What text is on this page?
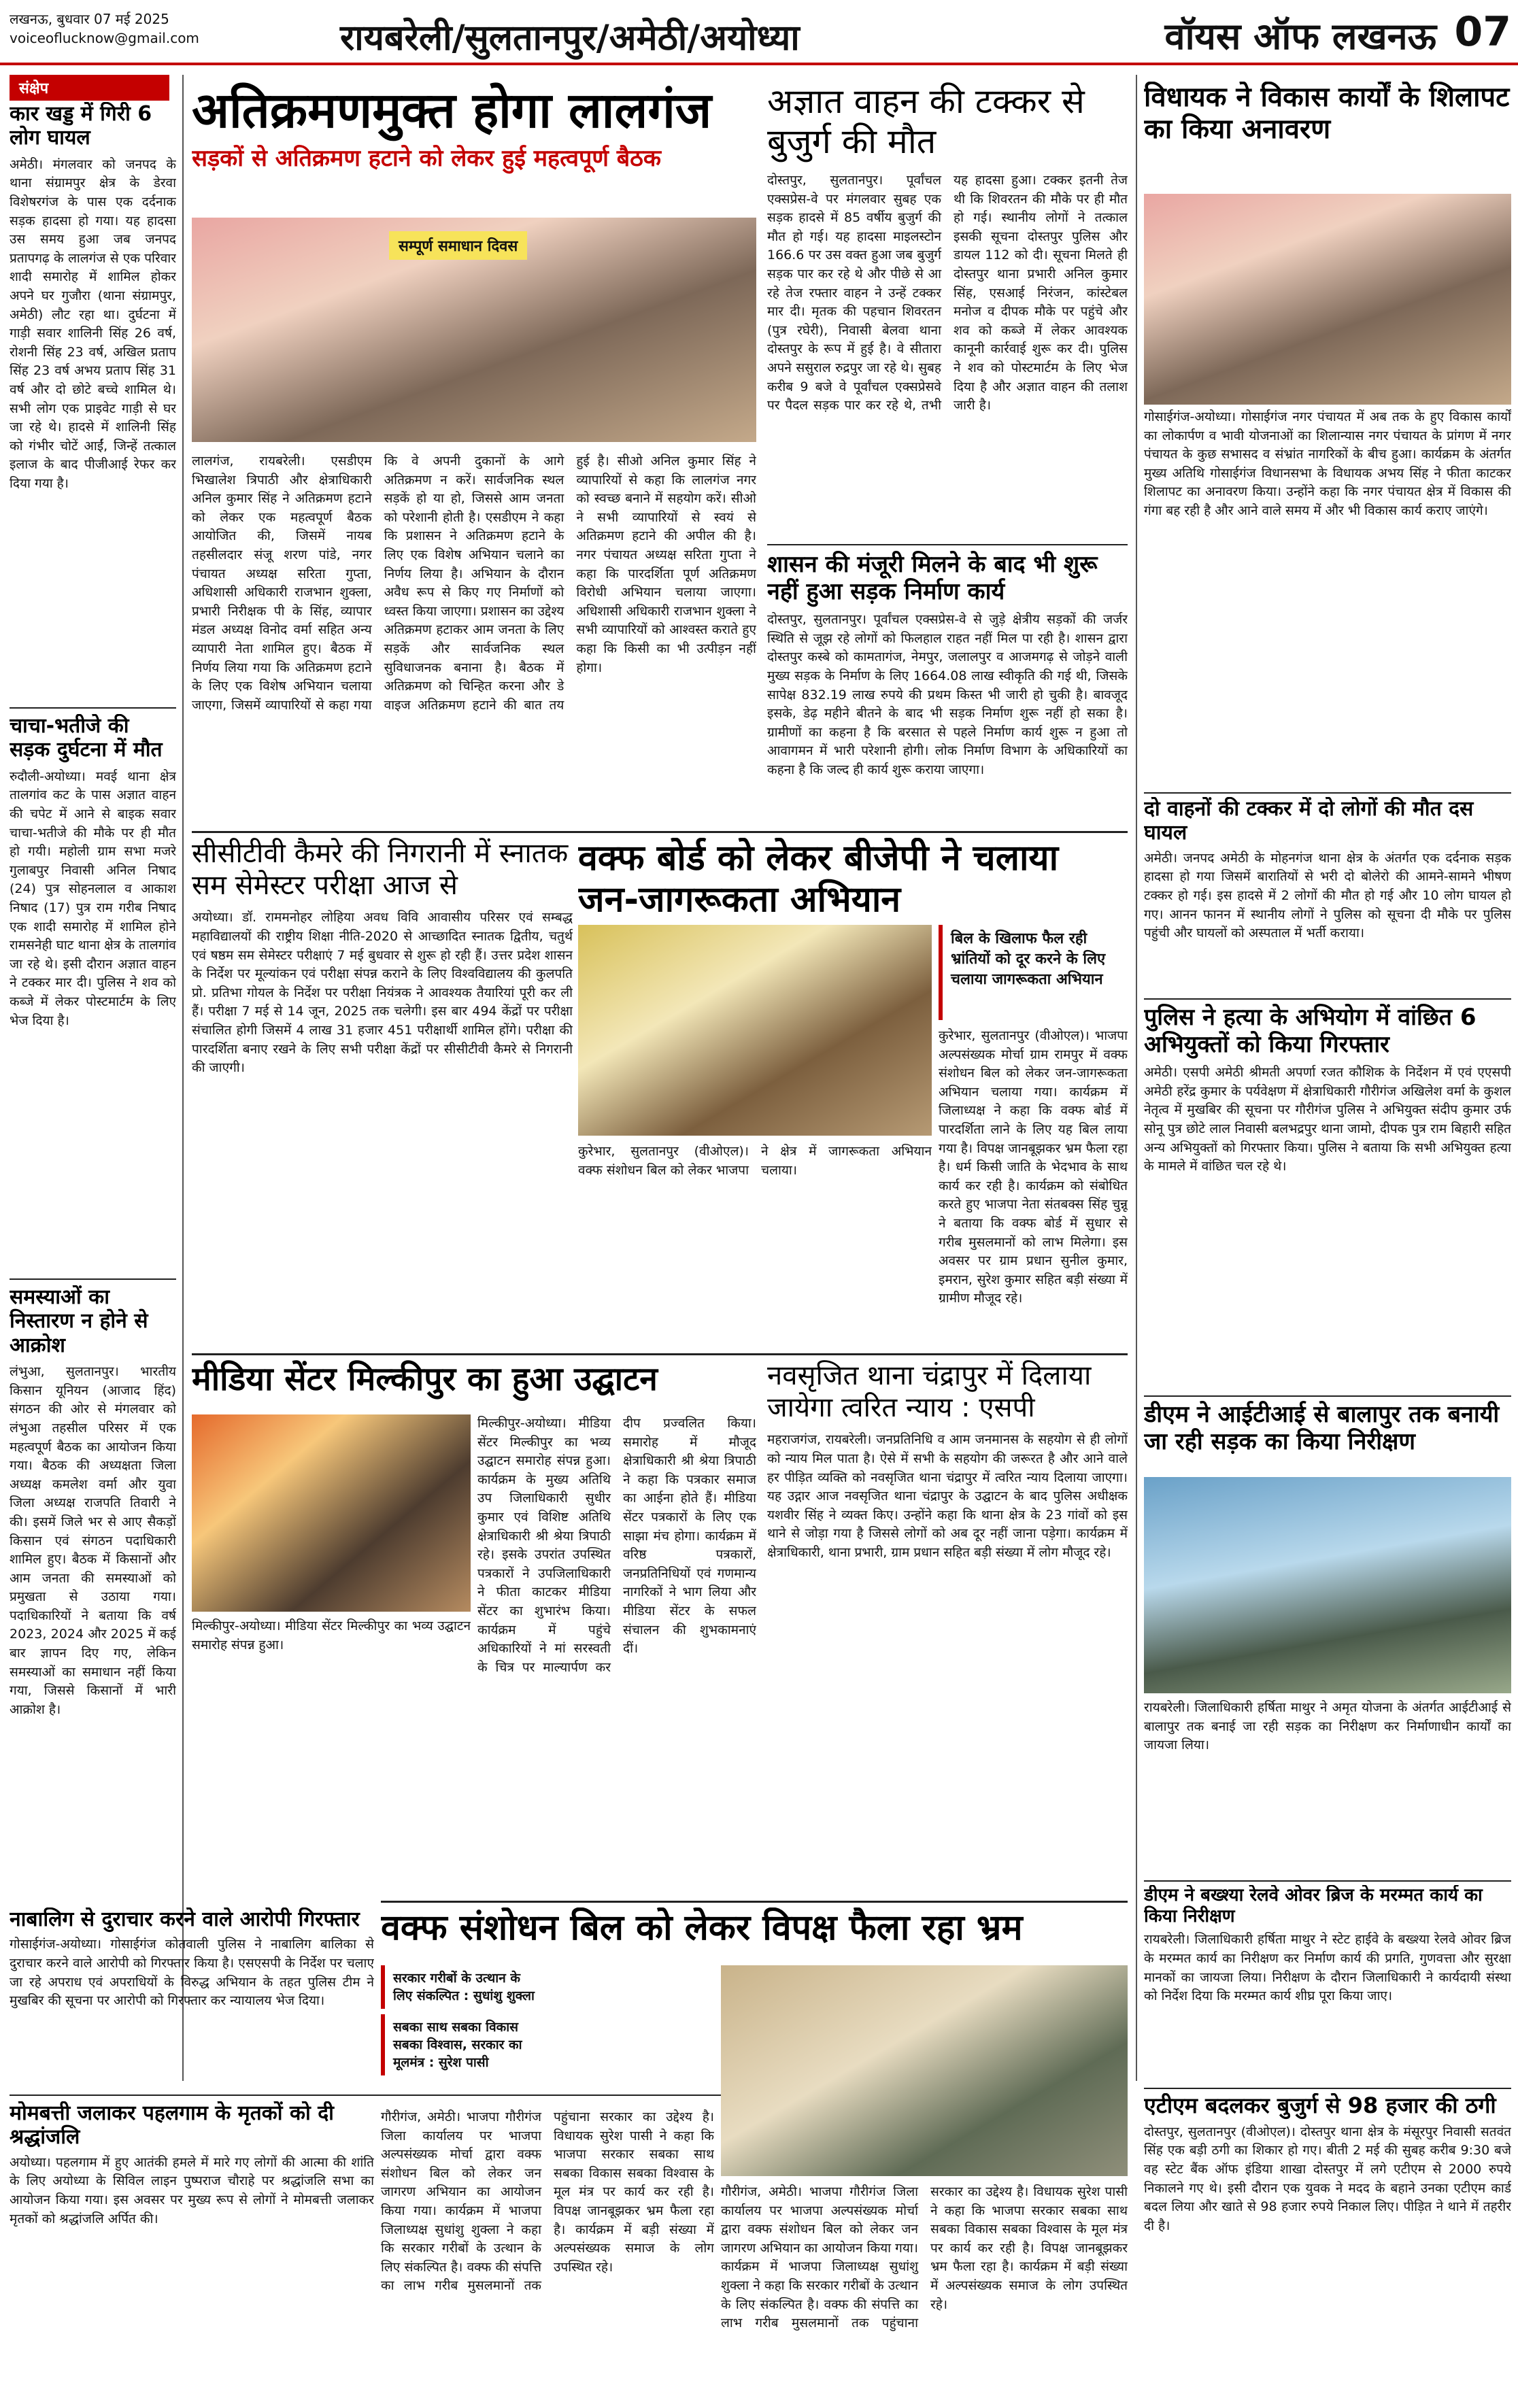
लखनऊ, बुधवार 07 मई 2025
voiceoflucknow@gmail.com	रायबरेली/सुलतानपुर/अमेठी/अयोध्या	वॉयस ऑफ लखनऊ 07
संक्षेप
कार खड्ड में गिरी 6 लोग घायल
अमेठी। मंगलवार को जनपद के थाना संग्रामपुर क्षेत्र के डेरवा विशेषरगंज के पास एक दर्दनाक सड़क हादसा हो गया। यह हादसा उस समय हुआ जब जनपद प्रतापगढ़ के लालगंज से एक परिवार शादी समारोह में शामिल होकर अपने घर गुजौरा (थाना संग्रामपुर, अमेठी) लौट रहा था। दुर्घटना में गाड़ी सवार शालिनी सिंह 26 वर्ष, रोशनी सिंह 23 वर्ष, अखिल प्रताप सिंह 23 वर्ष अभय प्रताप सिंह 31 वर्ष और दो छोटे बच्चे शामिल थे। सभी लोग एक प्राइवेट गाड़ी से घर जा रहे थे। हादसे में शालिनी सिंह को गंभीर चोटें आईं, जिन्हें तत्काल इलाज के बाद पीजीआई रेफर कर दिया गया है।
चाचा-भतीजे की सड़क दुर्घटना में मौत
रुदौली-अयोध्या। मवई थाना क्षेत्र तालगांव कट के पास अज्ञात वाहन की चपेट में आने से बाइक सवार चाचा-भतीजे की मौके पर ही मौत हो गयी। महोली ग्राम सभा मजरे गुलाबपुर निवासी अनिल निषाद (24) पुत्र सोहनलाल व आकाश निषाद (17) पुत्र राम गरीब निषाद एक शादी समारोह में शामिल होने रामसनेही घाट थाना क्षेत्र के तालगांव जा रहे थे। इसी दौरान अज्ञात वाहन ने टक्कर मार दी। पुलिस ने शव को कब्जे में लेकर पोस्टमार्टम के लिए भेज दिया है।
समस्याओं का निस्तारण न होने से आक्रोश
लंभुआ, सुलतानपुर। भारतीय किसान यूनियन (आजाद हिंद) संगठन की ओर से मंगलवार को लंभुआ तहसील परिसर में एक महत्वपूर्ण बैठक का आयोजन किया गया। बैठक की अध्यक्षता जिला अध्यक्ष कमलेश वर्मा और युवा जिला अध्यक्ष राजपति तिवारी ने की। इसमें जिले भर से आए सैकड़ों किसान एवं संगठन पदाधिकारी शामिल हुए। बैठक में किसानों और आम जनता की समस्याओं को प्रमुखता से उठाया गया। पदाधिकारियों ने बताया कि वर्ष 2023, 2024 और 2025 में कई बार ज्ञापन दिए गए, लेकिन समस्याओं का समाधान नहीं किया गया, जिससे किसानों में भारी आक्रोश है।
अतिक्रमणमुक्त होगा लालगंज
सड़कों से अतिक्रमण हटाने को लेकर हुई महत्वपूर्ण बैठक
सम्पूर्ण समाधान दिवस
लालगंज, रायबरेली। एसडीएम भिखालेश त्रिपाठी और क्षेत्राधिकारी अनिल कुमार सिंह ने अतिक्रमण हटाने को लेकर एक महत्वपूर्ण बैठक आयोजित की, जिसमें नायब तहसीलदार संजू शरण पांडे, नगर पंचायत अध्यक्ष सरिता गुप्ता, अधिशासी अधिकारी राजभान शुक्ला, प्रभारी निरीक्षक पी के सिंह, व्यापार मंडल अध्यक्ष विनोद वर्मा सहित अन्य व्यापारी नेता शामिल हुए। बैठक में निर्णय लिया गया कि अतिक्रमण हटाने के लिए एक विशेष अभियान चलाया जाएगा, जिसमें व्यापारियों से कहा गया कि वे अपनी दुकानों के आगे अतिक्रमण न करें। सार्वजनिक स्थल सड़कें हो या हो, जिससे आम जनता को परेशानी होती है। एसडीएम ने कहा कि प्रशासन ने अतिक्रमण हटाने के लिए एक विशेष अभियान चलाने का निर्णय लिया है। अभियान के दौरान अवैध रूप से किए गए निर्माणों को ध्वस्त किया जाएगा। प्रशासन का उद्देश्य अतिक्रमण हटाकर आम जनता के लिए सड़कें और सार्वजनिक स्थल सुविधाजनक बनाना है। बैठक में अतिक्रमण को चिन्हित करना और डे वाइज अतिक्रमण हटाने की बात तय हुई है। सीओ अनिल कुमार सिंह ने व्यापारियों से कहा कि लालगंज नगर को स्वच्छ बनाने में सहयोग करें। सीओ ने सभी व्यापारियों से स्वयं से अतिक्रमण हटाने की अपील की है। नगर पंचायत अध्यक्ष सरिता गुप्ता ने कहा कि पारदर्शिता पूर्ण अतिक्रमण विरोधी अभियान चलाया जाएगा। अधिशासी अधिकारी राजभान शुक्ला ने सभी व्यापारियों को आश्वस्त कराते हुए कहा कि किसी का भी उत्पीड़न नहीं होगा।
अज्ञात वाहन की टक्कर से बुजुर्ग की मौत
दोस्तपुर, सुलतानपुर। पूर्वांचल एक्सप्रेस-वे पर मंगलवार सुबह एक सड़क हादसे में 85 वर्षीय बुजुर्ग की मौत हो गई। यह हादसा माइलस्टोन 166.6 पर उस वक्त हुआ जब बुजुर्ग सड़क पार कर रहे थे और पीछे से आ रहे तेज रफ्तार वाहन ने उन्हें टक्कर मार दी। मृतक की पहचान शिवरतन (पुत्र रघेरी), निवासी बेलवा थाना दोस्तपुर के रूप में हुई है। वे सीतारा अपने ससुराल रुद्रपुर जा रहे थे। सुबह करीब 9 बजे वे पूर्वांचल एक्सप्रेसवे पर पैदल सड़क पार कर रहे थे, तभी यह हादसा हुआ। टक्कर इतनी तेज थी कि शिवरतन की मौके पर ही मौत हो गई। स्थानीय लोगों ने तत्काल इसकी सूचना दोस्तपुर पुलिस और डायल 112 को दी। सूचना मिलते ही दोस्तपुर थाना प्रभारी अनिल कुमार सिंह, एसआई निरंजन, कांस्टेबल मनोज व दीपक मौके पर पहुंचे और शव को कब्जे में लेकर आवश्यक कानूनी कार्रवाई शुरू कर दी। पुलिस ने शव को पोस्टमार्टम के लिए भेज दिया है और अज्ञात वाहन की तलाश जारी है।
शासन की मंजूरी मिलने के बाद भी शुरू नहीं हुआ सड़क निर्माण कार्य
दोस्तपुर, सुलतानपुर। पूर्वांचल एक्सप्रेस-वे से जुड़े क्षेत्रीय सड़कों की जर्जर स्थिति से जूझ रहे लोगों को फिलहाल राहत नहीं मिल पा रही है। शासन द्वारा दोस्तपुर कस्बे को कामतागंज, नेमपुर, जलालपुर व आजमगढ़ से जोड़ने वाली मुख्य सड़क के निर्माण के लिए 1664.08 लाख स्वीकृति की गई थी, जिसके सापेक्ष 832.19 लाख रुपये की प्रथम किस्त भी जारी हो चुकी है। बावजूद इसके, डेढ़ महीने बीतने के बाद भी सड़क निर्माण शुरू नहीं हो सका है। ग्रामीणों का कहना है कि बरसात से पहले निर्माण कार्य शुरू न हुआ तो आवागमन में भारी परेशानी होगी। लोक निर्माण विभाग के अधिकारियों का कहना है कि जल्द ही कार्य शुरू कराया जाएगा।
सीसीटीवी कैमरे की निगरानी में स्नातक सम सेमेस्टर परीक्षा आज से
अयोध्या। डॉ. राममनोहर लोहिया अवध विवि आवासीय परिसर एवं सम्बद्ध महाविद्यालयों की राष्ट्रीय शिक्षा नीति-2020 से आच्छादित स्नातक द्वितीय, चतुर्थ एवं षष्ठम सम सेमेस्टर परीक्षाएं 7 मई बुधवार से शुरू हो रही हैं। उत्तर प्रदेश शासन के निर्देश पर मूल्यांकन एवं परीक्षा संपन्न कराने के लिए विश्वविद्यालय की कुलपति प्रो. प्रतिभा गोयल के निर्देश पर परीक्षा नियंत्रक ने आवश्यक तैयारियां पूरी कर ली हैं। परीक्षा 7 मई से 14 जून, 2025 तक चलेगी। इस बार 494 केंद्रों पर परीक्षा संचालित होगी जिसमें 4 लाख 31 हजार 451 परीक्षार्थी शामिल होंगे। परीक्षा की पारदर्शिता बनाए रखने के लिए सभी परीक्षा केंद्रों पर सीसीटीवी कैमरे से निगरानी की जाएगी।
वक्फ बोर्ड को लेकर बीजेपी ने चलाया जन-जागरूकता अभियान
बिल के खिलाफ फैल रही भ्रांतियों को दूर करने के लिए चलाया जागरूकता अभियान
कुरेभार, सुलतानपुर (वीओएल)। भाजपा अल्पसंख्यक मोर्चा ग्राम रामपुर में वक्फ संशोधन बिल को लेकर जन-जागरूकता अभियान चलाया गया। कार्यक्रम में जिलाध्यक्ष ने कहा कि वक्फ बोर्ड में पारदर्शिता लाने के लिए यह बिल लाया गया है। विपक्ष जानबूझकर भ्रम फैला रहा है। धर्म किसी जाति के भेदभाव के साथ कार्य कर रही है। कार्यक्रम को संबोधित करते हुए भाजपा नेता संतबक्स सिंह चुन्नू ने बताया कि वक्फ बोर्ड में सुधार से गरीब मुसलमानों को लाभ मिलेगा। इस अवसर पर ग्राम प्रधान सुनील कुमार, इमरान, सुरेश कुमार सहित बड़ी संख्या में ग्रामीण मौजूद रहे।
कुरेभार, सुलतानपुर (वीओएल)। वक्फ संशोधन बिल को लेकर भाजपा ने क्षेत्र में जागरूकता अभियान चलाया।
मीडिया सेंटर मिल्कीपुर का हुआ उद्घाटन
मिल्कीपुर-अयोध्या। मीडिया सेंटर मिल्कीपुर का भव्य उद्घाटन समारोह संपन्न हुआ।
मिल्कीपुर-अयोध्या। मीडिया सेंटर मिल्कीपुर का भव्य उद्घाटन समारोह संपन्न हुआ। कार्यक्रम के मुख्य अतिथि उप जिलाधिकारी सुधीर कुमार एवं विशिष्ट अतिथि क्षेत्राधिकारी श्री श्रेया त्रिपाठी रहे। इसके उपरांत उपस्थित पत्रकारों ने उपजिलाधिकारी ने फीता काटकर मीडिया सेंटर का शुभारंभ किया। कार्यक्रम में पहुंचे अधिकारियों ने मां सरस्वती के चित्र पर माल्यार्पण कर दीप प्रज्वलित किया। समारोह में मौजूद क्षेत्राधिकारी श्री श्रेया त्रिपाठी ने कहा कि पत्रकार समाज का आईना होते हैं। मीडिया सेंटर पत्रकारों के लिए एक साझा मंच होगा। कार्यक्रम में वरिष्ठ पत्रकारों, जनप्रतिनिधियों एवं गणमान्य नागरिकों ने भाग लिया और मीडिया सेंटर के सफल संचालन की शुभकामनाएं दीं।
नवसृजित थाना चंद्रापुर में दिलाया जायेगा त्वरित न्याय : एसपी
महराजगंज, रायबरेली। जनप्रतिनिधि व आम जनमानस के सहयोग से ही लोगों को न्याय मिल पाता है। ऐसे में सभी के सहयोग की जरूरत है और आने वाले हर पीड़ित व्यक्ति को नवसृजित थाना चंद्रापुर में त्वरित न्याय दिलाया जाएगा। यह उद्गार आज नवसृजित थाना चंद्रापुर के उद्घाटन के बाद पुलिस अधीक्षक यशवीर सिंह ने व्यक्त किए। उन्होंने कहा कि थाना क्षेत्र के 23 गांवों को इस थाने से जोड़ा गया है जिससे लोगों को अब दूर नहीं जाना पड़ेगा। कार्यक्रम में क्षेत्राधिकारी, थाना प्रभारी, ग्राम प्रधान सहित बड़ी संख्या में लोग मौजूद रहे।
वक्फ संशोधन बिल को लेकर विपक्ष फैला रहा भ्रम
सरकार गरीबों के उत्थान के लिए संकल्पित : सुधांशु शुक्ला
सबका साथ सबका विकास सबका विश्वास, सरकार का मूलमंत्र : सुरेश पासी
गौरीगंज, अमेठी। भाजपा गौरीगंज जिला कार्यालय पर भाजपा अल्पसंख्यक मोर्चा द्वारा वक्फ संशोधन बिल को लेकर जन जागरण अभियान का आयोजन किया गया। कार्यक्रम में भाजपा जिलाध्यक्ष सुधांशु शुक्ला ने कहा कि सरकार गरीबों के उत्थान के लिए संकल्पित है। वक्फ की संपत्ति का लाभ गरीब मुसलमानों तक पहुंचाना सरकार का उद्देश्य है। विधायक सुरेश पासी ने कहा कि भाजपा सरकार सबका साथ सबका विकास सबका विश्वास के मूल मंत्र पर कार्य कर रही है। विपक्ष जानबूझकर भ्रम फैला रहा है। कार्यक्रम में बड़ी संख्या में अल्पसंख्यक समाज के लोग उपस्थित रहे।
गौरीगंज, अमेठी। भाजपा गौरीगंज जिला कार्यालय पर भाजपा अल्पसंख्यक मोर्चा द्वारा वक्फ संशोधन बिल को लेकर जन जागरण अभियान का आयोजन किया गया। कार्यक्रम में भाजपा जिलाध्यक्ष सुधांशु शुक्ला ने कहा कि सरकार गरीबों के उत्थान के लिए संकल्पित है। वक्फ की संपत्ति का लाभ गरीब मुसलमानों तक पहुंचाना सरकार का उद्देश्य है। विधायक सुरेश पासी ने कहा कि भाजपा सरकार सबका साथ सबका विकास सबका विश्वास के मूल मंत्र पर कार्य कर रही है। विपक्ष जानबूझकर भ्रम फैला रहा है। कार्यक्रम में बड़ी संख्या में अल्पसंख्यक समाज के लोग उपस्थित रहे।
नाबालिग से दुराचार करने वाले आरोपी गिरफ्तार
गोसाईगंज-अयोध्या। गोसाईगंज कोतवाली पुलिस ने नाबालिग बालिका से दुराचार करने वाले आरोपी को गिरफ्तार किया है। एसएसपी के निर्देश पर चलाए जा रहे अपराध एवं अपराधियों के विरुद्ध अभियान के तहत पुलिस टीम ने मुखबिर की सूचना पर आरोपी को गिरफ्तार कर न्यायालय भेज दिया।
मोमबत्ती जलाकर पहलगाम के मृतकों को दी श्रद्धांजलि
अयोध्या। पहलगाम में हुए आतंकी हमले में मारे गए लोगों की आत्मा की शांति के लिए अयोध्या के सिविल लाइन पुष्पराज चौराहे पर श्रद्धांजलि सभा का आयोजन किया गया। इस अवसर पर मुख्य रूप से लोगों ने मोमबत्ती जलाकर मृतकों को श्रद्धांजलि अर्पित की।
विधायक ने विकास कार्यों के शिलापट का किया अनावरण
गोसाईगंज-अयोध्या। गोसाईगंज नगर पंचायत में अब तक के हुए विकास कार्यों का लोकार्पण व भावी योजनाओं का शिलान्यास नगर पंचायत के प्रांगण में नगर पंचायत के कुछ सभासद व संभ्रांत नागरिकों के बीच हुआ। कार्यक्रम के अंतर्गत मुख्य अतिथि गोसाईगंज विधानसभा के विधायक अभय सिंह ने फीता काटकर शिलापट का अनावरण किया। उन्होंने कहा कि नगर पंचायत क्षेत्र में विकास की गंगा बह रही है और आने वाले समय में और भी विकास कार्य कराए जाएंगे।
दो वाहनों की टक्कर में दो लोगों की मौत दस घायल
अमेठी। जनपद अमेठी के मोहनगंज थाना क्षेत्र के अंतर्गत एक दर्दनाक सड़क हादसा हो गया जिसमें बारातियों से भरी दो बोलेरो की आमने-सामने भीषण टक्कर हो गई। इस हादसे में 2 लोगों की मौत हो गई और 10 लोग घायल हो गए। आनन फानन में स्थानीय लोगों ने पुलिस को सूचना दी मौके पर पुलिस पहुंची और घायलों को अस्पताल में भर्ती कराया।
पुलिस ने हत्या के अभियोग में वांछित 6 अभियुक्तों को किया गिरफ्तार
अमेठी। एसपी अमेठी श्रीमती अपर्णा रजत कौशिक के निर्देशन में एवं एएसपी अमेठी हरेंद्र कुमार के पर्यवेक्षण में क्षेत्राधिकारी गौरीगंज अखिलेश वर्मा के कुशल नेतृत्व में मुखबिर की सूचना पर गौरीगंज पुलिस ने अभियुक्त संदीप कुमार उर्फ सोनू पुत्र छोटे लाल निवासी बलभद्रपुर थाना जामो, दीपक पुत्र राम बिहारी सहित अन्य अभियुक्तों को गिरफ्तार किया। पुलिस ने बताया कि सभी अभियुक्त हत्या के मामले में वांछित चल रहे थे।
डीएम ने आईटीआई से बालापुर तक बनायी जा रही सड़क का किया निरीक्षण
रायबरेली। जिलाधिकारी हर्षिता माथुर ने अमृत योजना के अंतर्गत आईटीआई से बालापुर तक बनाई जा रही सड़क का निरीक्षण कर निर्माणाधीन कार्यों का जायजा लिया।
डीएम ने बख्श्या रेलवे ओवर ब्रिज के मरम्मत कार्य का किया निरीक्षण
रायबरेली। जिलाधिकारी हर्षिता माथुर ने स्टेट हाईवे के बख्श्या रेलवे ओवर ब्रिज के मरम्मत कार्य का निरीक्षण कर निर्माण कार्य की प्रगति, गुणवत्ता और सुरक्षा मानकों का जायजा लिया। निरीक्षण के दौरान जिलाधिकारी ने कार्यदायी संस्था को निर्देश दिया कि मरम्मत कार्य शीघ्र पूरा किया जाए।
एटीएम बदलकर बुजुर्ग से 98 हजार की ठगी
दोस्तपुर, सुलतानपुर (वीओएल)। दोस्तपुर थाना क्षेत्र के मंसूरपुर निवासी सतवंत सिंह एक बड़ी ठगी का शिकार हो गए। बीती 2 मई की सुबह करीब 9:30 बजे वह स्टेट बैंक ऑफ इंडिया शाखा दोस्तपुर में लगे एटीएम से 2000 रुपये निकालने गए थे। इसी दौरान एक युवक ने मदद के बहाने उनका एटीएम कार्ड बदल लिया और खाते से 98 हजार रुपये निकाल लिए। पीड़ित ने थाने में तहरीर दी है।
